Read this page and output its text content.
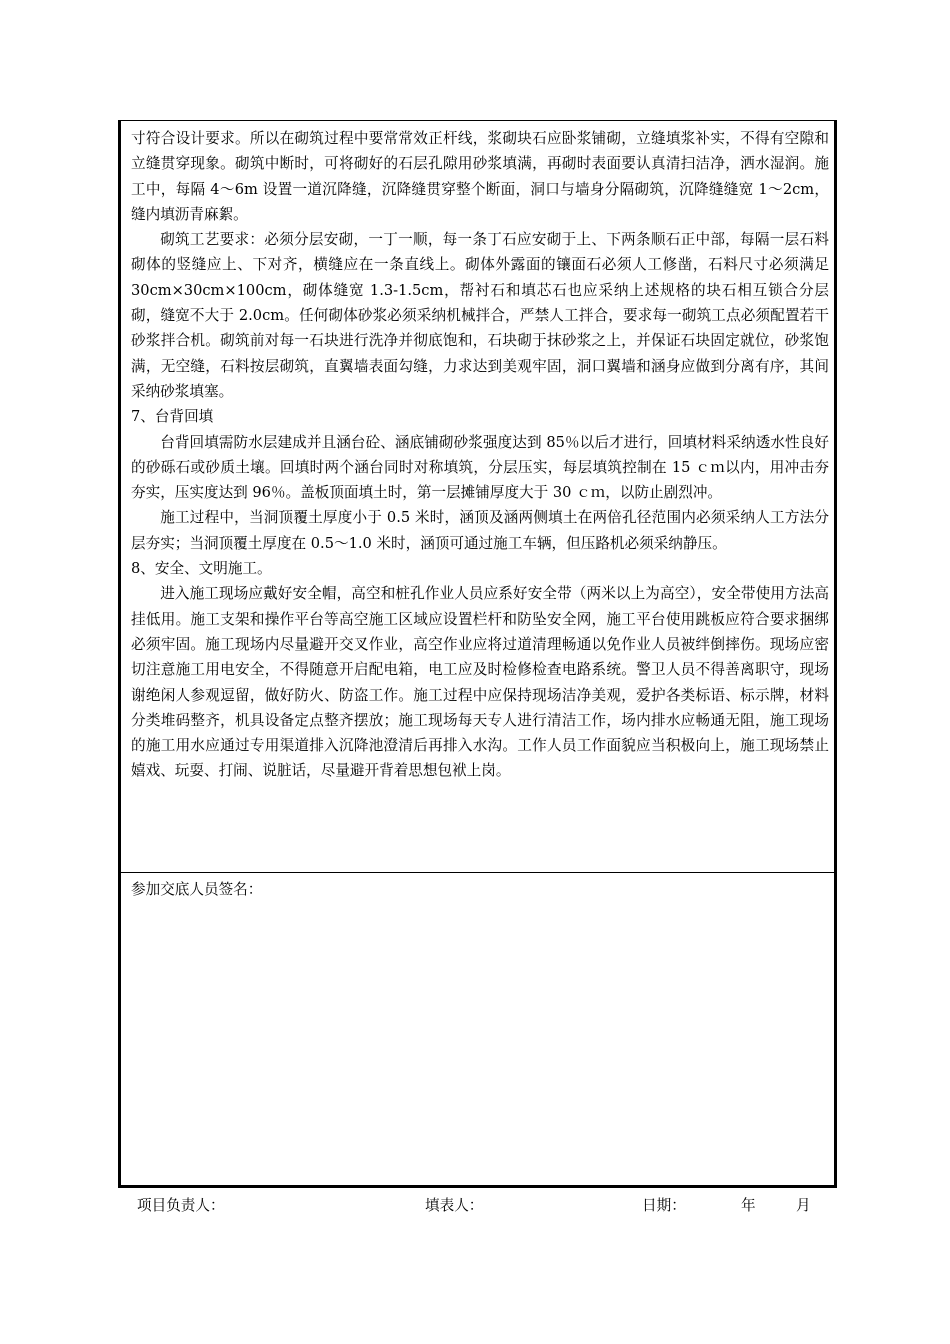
寸符合设计要求。所以在砌筑过程中要常常效正杆线，浆砌块石应卧浆铺砌，立缝填浆补实，不得有空隙和立缝贯穿现象。砌筑中断时，可将砌好的石层孔隙用砂浆填满，再砌时表面要认真清扫洁净，洒水湿润。施工中，每隔 4～6m 设置一道沉降缝，沉降缝贯穿整个断面，洞口与墙身分隔砌筑，沉降缝缝宽 1～2cm，缝内填沥青麻絮。

砌筑工艺要求：必须分层安砌，一丁一顺，每一条丁石应安砌于上、下两条顺石正中部，每隔一层石料砌体的竖缝应上、下对齐，横缝应在一条直线上。砌体外露面的镶面石必须人工修凿，石料尺寸必须满足 30cm×30cm×100cm，砌体缝宽 1.3-1.5cm，帮衬石和填芯石也应采纳上述规格的块石相互锁合分层砌，缝宽不大于 2.0cm。任何砌体砂浆必须采纳机械拌合，严禁人工拌合，要求每一砌筑工点必须配置若干砂浆拌合机。砌筑前对每一石块进行洗净并彻底饱和，石块砌于抹砂浆之上，并保证石块固定就位，砂浆饱满，无空缝，石料按层砌筑，直翼墙表面勾缝，力求达到美观牢固，洞口翼墙和涵身应做到分离有序，其间采纳砂浆填塞。

7、台背回填

台背回填需防水层建成并且涵台砼、涵底铺砌砂浆强度达到 85％以后才进行，回填材料采纳透水性良好的砂砾石或砂质土壤。回填时两个涵台同时对称填筑，分层压实，每层填筑控制在 15 ｃｍ以内，用冲击夯夯实，压实度达到 96％。盖板顶面填土时，第一层摊铺厚度大于 30 ｃｍ，以防止剧烈冲。

施工过程中，当洞顶覆土厚度小于 0.5 米时，涵顶及涵两侧填土在两倍孔径范围内必须采纳人工方法分层夯实；当洞顶覆土厚度在 0.5～1.0 米时，涵顶可通过施工车辆，但压路机必须采纳静压。

8、安全、文明施工。

进入施工现场应戴好安全帽，高空和桩孔作业人员应系好安全带（两米以上为高空），安全带使用方法高挂低用。施工支架和操作平台等高空施工区域应设置栏杆和防坠安全网，施工平台使用跳板应符合要求捆绑必须牢固。施工现场内尽量避开交叉作业，高空作业应将过道清理畅通以免作业人员被绊倒摔伤。现场应密切注意施工用电安全，不得随意开启配电箱，电工应及时检修检查电路系统。警卫人员不得善离职守，现场谢绝闲人参观逗留，做好防火、防盗工作。施工过程中应保持现场洁净美观，爱护各类标语、标示牌，材料分类堆码整齐，机具设备定点整齐摆放；施工现场每天专人进行清洁工作，场内排水应畅通无阻，施工现场的施工用水应通过专用渠道排入沉降池澄清后再排入水沟。工作人员工作面貌应当积极向上，施工现场禁止嬉戏、玩耍、打闹、说脏话，尽量避开背着思想包袱上岗。

参加交底人员签名：
项目负责人：	填表人：	日期：	年	月
